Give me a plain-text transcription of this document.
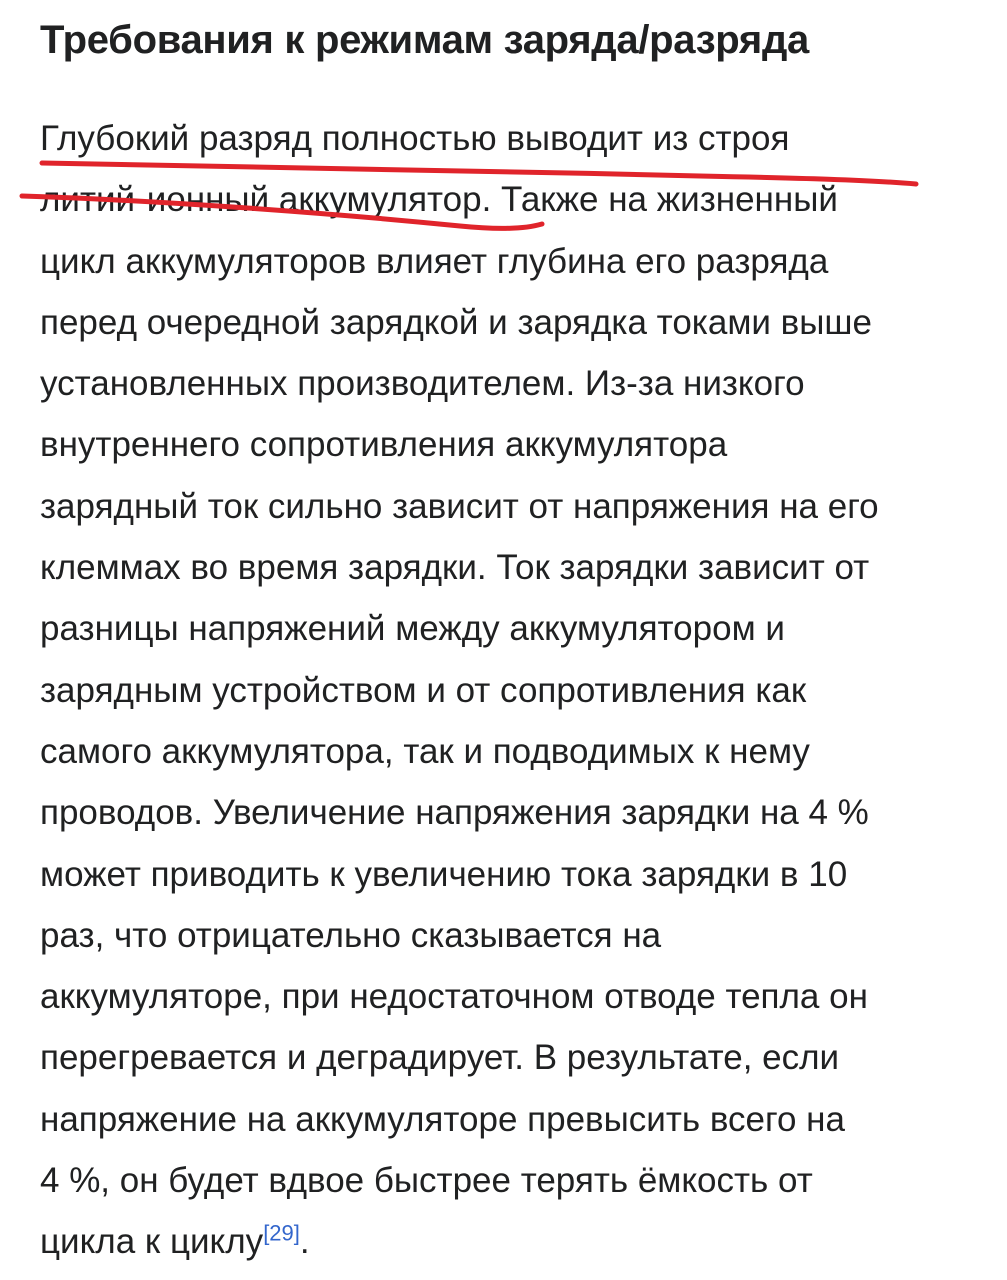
Требования к режимам заряда/разряда

Глубокий разряд полностью выводит из строя
литий-ионный аккумулятор. Также на жизненный
цикл аккумуляторов влияет глубина его разряда
перед очередной зарядкой и зарядка токами выше
установленных производителем. Из-за низкого
внутреннего сопротивления аккумулятора
зарядный ток сильно зависит от напряжения на его
клеммах во время зарядки. Ток зарядки зависит от
разницы напряжений между аккумулятором и
зарядным устройством и от сопротивления как
самого аккумулятора, так и подводимых к нему
проводов. Увеличение напряжения зарядки на 4 %
может приводить к увеличению тока зарядки в 10
раз, что отрицательно сказывается на
аккумуляторе, при недостаточном отводе тепла он
перегревается и деградирует. В результате, если
напряжение на аккумуляторе превысить всего на
4 %, он будет вдвое быстрее терять ёмкость от
цикла к циклу[29].
